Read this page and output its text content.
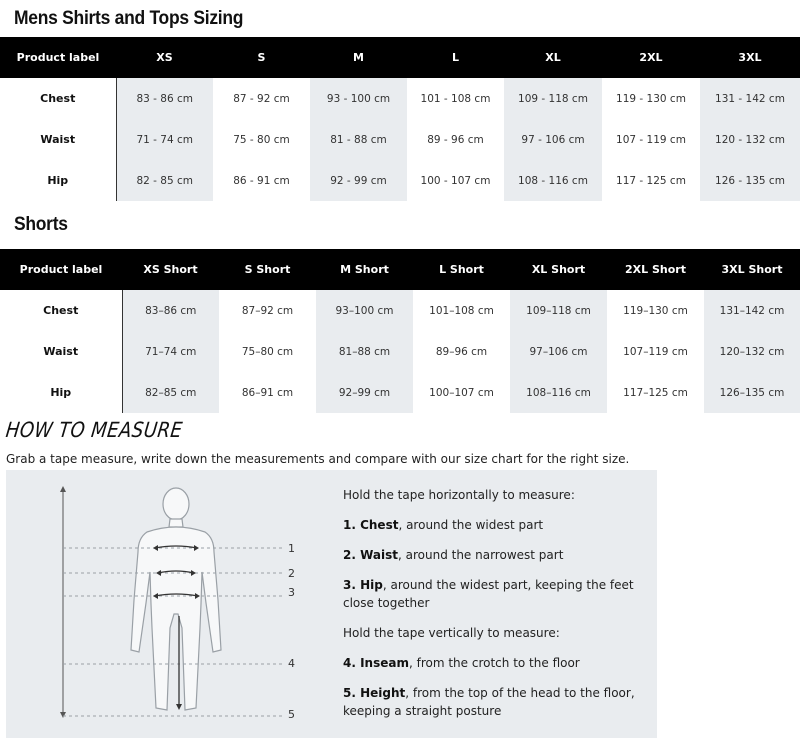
Mens Shirts and Tops Sizing
Product label	XS	S	M	L	XL	2XL	3XL
Chest	83 - 86 cm	87 - 92 cm	93 - 100 cm	101 - 108 cm	109 - 118 cm	119 - 130 cm	131 - 142 cm
Waist	71 - 74 cm	75 - 80 cm	81 - 88 cm	89 - 96 cm	97 - 106 cm	107 - 119 cm	120 - 132 cm
Hip	82 - 85 cm	86 - 91 cm	92 - 99 cm	100 - 107 cm	108 - 116 cm	117 - 125 cm	126 - 135 cm
Shorts
Product label	XS Short	S Short	M Short	L Short	XL Short	2XL Short	3XL Short
Chest	83–86 cm	87–92 cm	93–100 cm	101–108 cm	109–118 cm	119–130 cm	131–142 cm
Waist	71–74 cm	75–80 cm	81–88 cm	89–96 cm	97–106 cm	107–119 cm	120–132 cm
Hip	82–85 cm	86–91 cm	92–99 cm	100–107 cm	108–116 cm	117–125 cm	126–135 cm
HOW TO MEASURE
Grab a tape measure, write down the measurements and compare with our size chart for the right size.
1
2
3
4
5

Hold the tape horizontally to measure:

1. Chest, around the widest part

2. Waist, around the narrowest part

3. Hip, around the widest part, keeping the feet close together

Hold the tape vertically to measure:

4. Inseam, from the crotch to the floor

5. Height, from the top of the head to the floor, keeping a straight posture
